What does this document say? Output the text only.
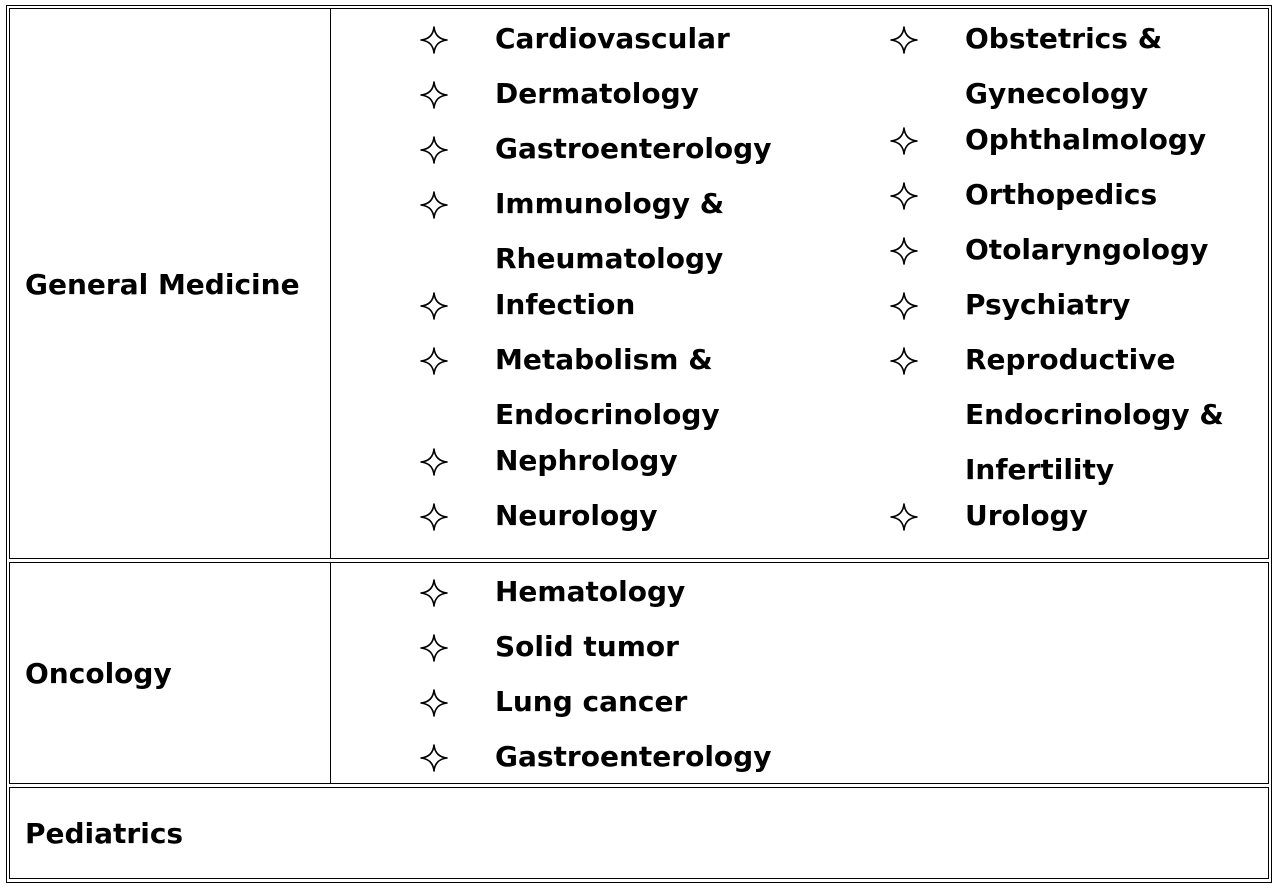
General Medicine
Cardiovascular
Dermatology
Gastroenterology
Immunology &
Rheumatology
Infection
Metabolism &
Endocrinology
Nephrology
Neurology
Obstetrics &
Gynecology
Ophthalmology
Orthopedics
Otolaryngology
Psychiatry
Reproductive
Endocrinology &
Infertility
Urology
Oncology
Hematology
Solid tumor
Lung cancer
Gastroenterology
Pediatrics
